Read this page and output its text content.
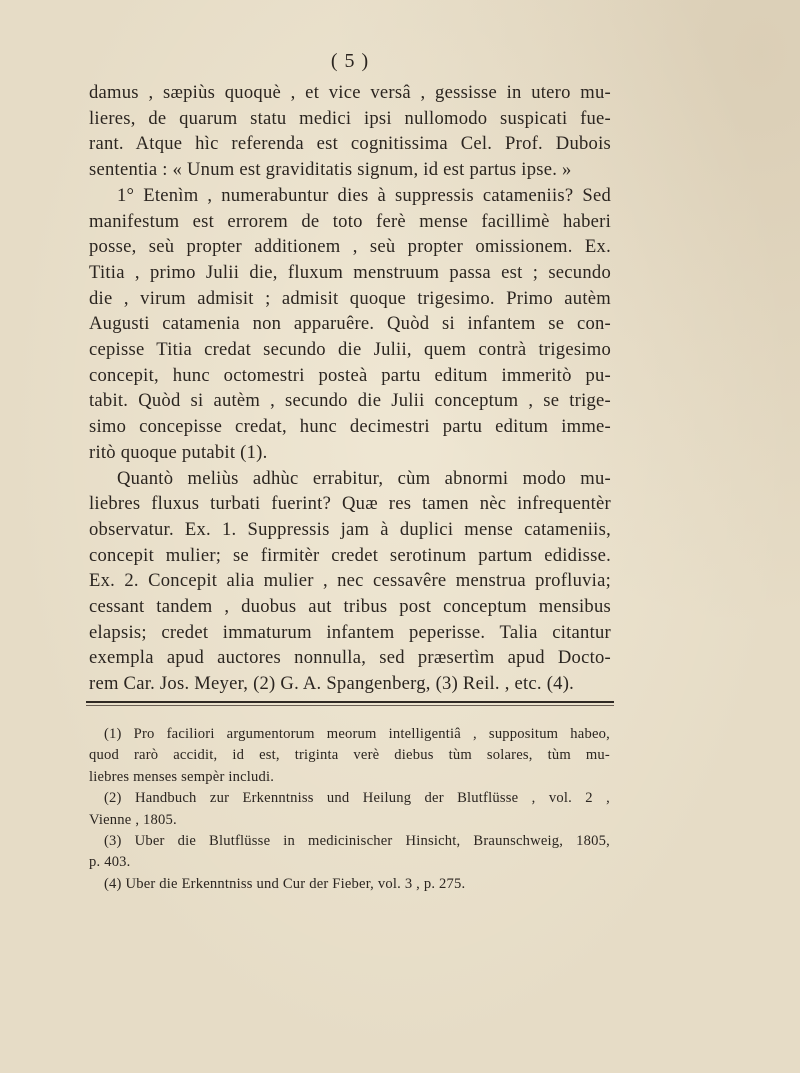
( 5 )
damus , sæpiùs quoquè , et vice versâ , gessisse in utero mu-
lieres, de quarum statu medici ipsi nullomodo suspicati fue-
rant. Atque hìc referenda est cognitissima Cel. Prof. Dubois
sententia : « Unum est graviditatis signum, id est partus ipse. »
1° Etenìm , numerabuntur dies à suppressis catameniis? Sed
manifestum est errorem de toto ferè mense facillimè haberi
posse, seù propter additionem , seù propter omissionem. Ex.
Titia , primo Julii die, fluxum menstruum passa est ; secundo
die , virum admisit ; admisit quoque trigesimo. Primo autèm
Augusti catamenia non apparuêre. Quòd si infantem se con-
cepisse Titia credat secundo die Julii, quem contrà trigesimo
concepit, hunc octomestri posteà partu editum immeritò pu-
tabit. Quòd si autèm , secundo die Julii conceptum , se trige-
simo concepisse credat, hunc decimestri partu editum imme-
ritò quoque putabit (1).
Quantò meliùs adhùc errabitur, cùm abnormi modo mu-
liebres fluxus turbati fuerint? Quæ res tamen nèc infrequentèr
observatur. Ex. 1. Suppressis jam à duplici mense catameniis,
concepit mulier; se firmitèr credet serotinum partum edidisse.
Ex. 2. Concepit alia mulier , nec cessavêre menstrua profluvia;
cessant tandem , duobus aut tribus post conceptum mensibus
elapsis; credet immaturum infantem peperisse. Talia citantur
exempla apud auctores nonnulla, sed præsertìm apud Docto-
rem Car. Jos. Meyer, (2) G. A. Spangenberg, (3) Reil. , etc. (4).
(1) Pro faciliori argumentorum meorum intelligentiâ , suppositum habeo,
quod rarò accidit, id est, triginta verè diebus tùm solares, tùm mu-
liebres menses sempèr includi.
(2) Handbuch zur Erkenntniss und Heilung der Blutflüsse , vol. 2 ,
Vienne , 1805.
(3) Uber die Blutflüsse in medicinischer Hinsicht, Braunschweig, 1805,
p. 403.
(4) Uber die Erkenntniss und Cur der Fieber, vol. 3 , p. 275.
